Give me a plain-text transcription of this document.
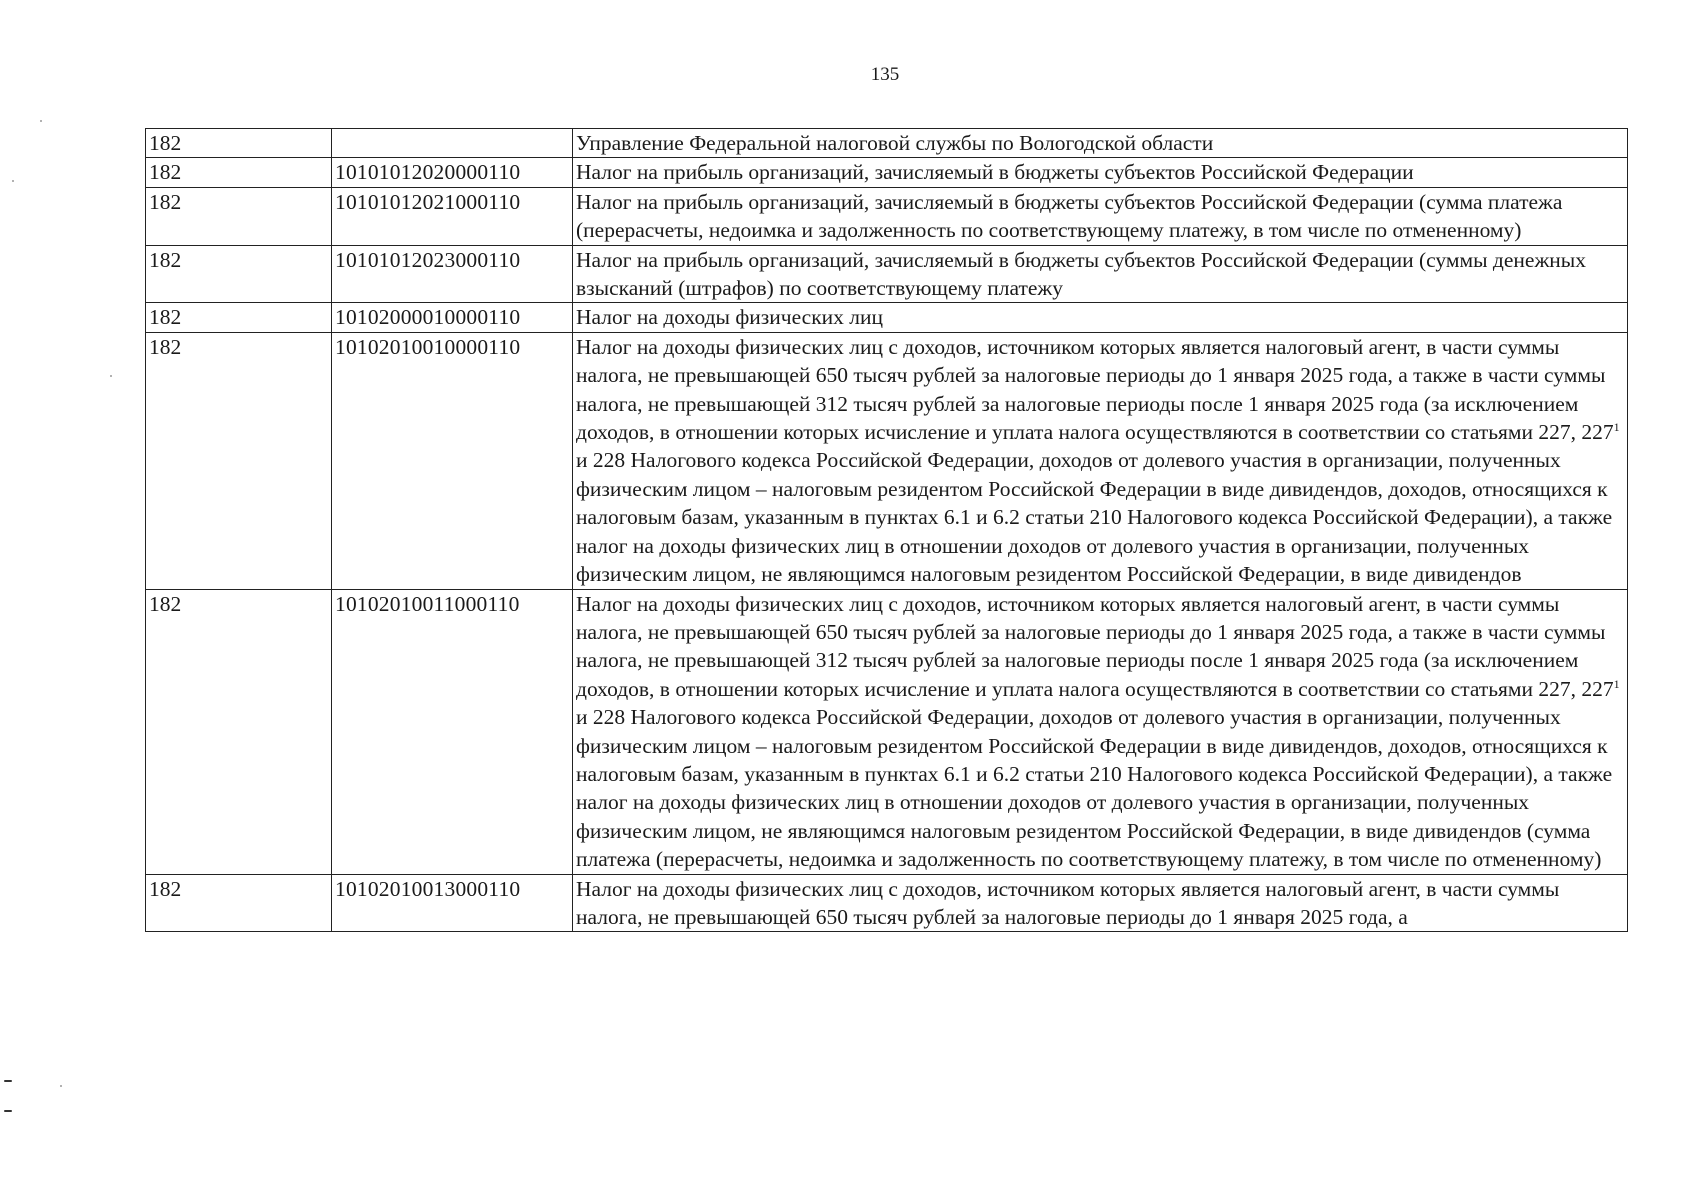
135
182		Управление Федеральной налоговой службы по Вологодской области
182	10101012020000110	Налог на прибыль организаций, зачисляемый в бюджеты субъектов Российской Федерации
182	10101012021000110	Налог на прибыль организаций, зачисляемый в бюджеты субъектов Российской Федерации (сумма платежа (перерасчеты, недоимка и задолженность по соответствующему платежу, в том числе по отмененному)
182	10101012023000110	Налог на прибыль организаций, зачисляемый в бюджеты субъектов Российской Федерации (суммы денежных взысканий (штрафов) по соответствующему платежу
182	10102000010000110	Налог на доходы физических лиц
182	10102010010000110	Налог на доходы физических лиц с доходов, источником которых является налоговый агент, в части суммы налога, не превышающей 650 тысяч рублей за налоговые периоды до 1 января 2025 года, а также в части суммы налога, не превышающей 312 тысяч рублей за налоговые периоды после 1 января 2025 года (за исключением доходов, в отношении которых исчисление и уплата налога осуществляются в соответствии со статьями 227, $227^1$ и 228 Налогового кодекса Российской Федерации, доходов от долевого участия в организации, полученных физическим лицом – налоговым резидентом Российской Федерации в виде дивидендов, доходов, относящихся к налоговым базам, указанным в пунктах 6.1 и 6.2 статьи 210 Налогового кодекса Российской Федерации), а также налог на доходы физических лиц в отношении доходов от долевого участия в организации, полученных физическим лицом, не являющимся налоговым резидентом Российской Федерации, в виде дивидендов
182	10102010011000110	Налог на доходы физических лиц с доходов, источником которых является налоговый агент, в части суммы налога, не превышающей 650 тысяч рублей за налоговые периоды до 1 января 2025 года, а также в части суммы налога, не превышающей 312 тысяч рублей за налоговые периоды после 1 января 2025 года (за исключением доходов, в отношении которых исчисление и уплата налога осуществляются в соответствии со статьями 227, $227^1$ и 228 Налогового кодекса Российской Федерации, доходов от долевого участия в организации, полученных физическим лицом – налоговым резидентом Российской Федерации в виде дивидендов, доходов, относящихся к налоговым базам, указанным в пунктах 6.1 и 6.2 статьи 210 Налогового кодекса Российской Федерации), а также налог на доходы физических лиц в отношении доходов от долевого участия в организации, полученных физическим лицом, не являющимся налоговым резидентом Российской Федерации, в виде дивидендов (сумма платежа (перерасчеты, недоимка и задолженность по соответствующему платежу, в том числе по отмененному)
182	10102010013000110	Налог на доходы физических лиц с доходов, источником которых является налоговый агент, в части суммы налога, не превышающей 650 тысяч рублей за налоговые периоды до 1 января 2025 года, а
